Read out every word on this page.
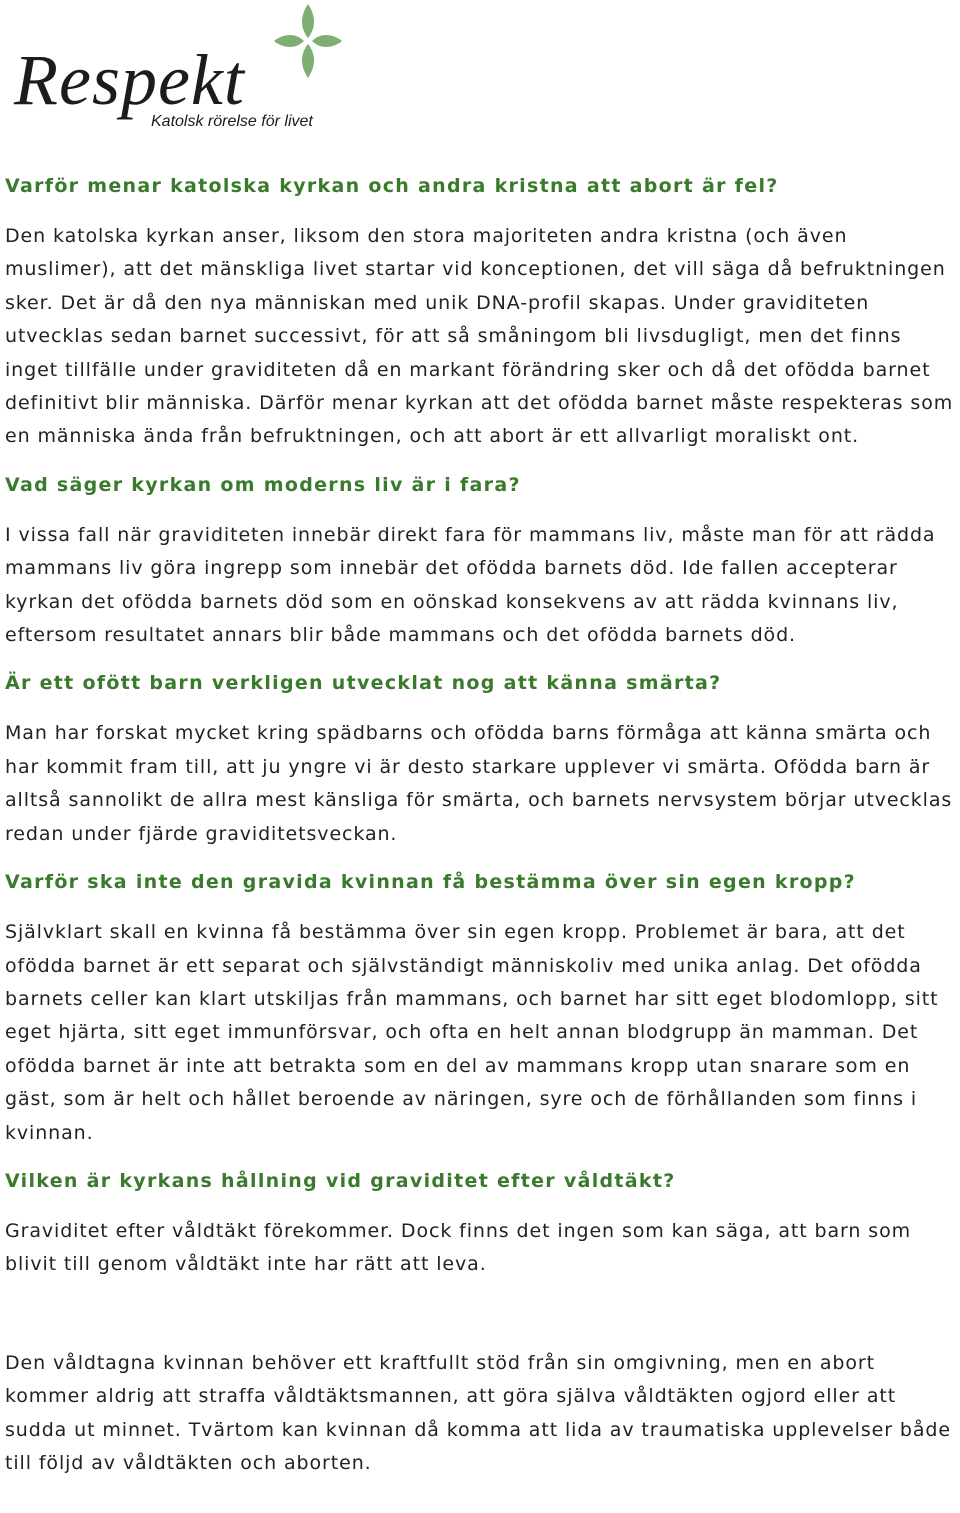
Respekt
Katolsk rörelse för livet
Varför menar katolska kyrkan och andra kristna att abort är fel?

Den katolska kyrkan anser, liksom den stora majoriteten andra kristna (och även muslimer), att det mänskliga livet startar vid konceptionen, det vill säga då befruktningen sker. Det är då den nya människan med unik DNA-profil skapas. Under graviditeten utvecklas sedan barnet successivt, för att så småningom bli livsdugligt, men det finns inget tillfälle under graviditeten då en markant förändring sker och då det ofödda barnet definitivt blir människa. Därför menar kyrkan att det ofödda barnet måste respekteras som en människa ända från befruktningen, och att abort är ett allvarligt moraliskt ont.

Vad säger kyrkan om moderns liv är i fara?

I vissa fall när graviditeten innebär direkt fara för mammans liv, måste man för att rädda mammans liv göra ingrepp som innebär det ofödda barnets död. Ide fallen accepterar kyrkan det ofödda barnets död som en oönskad konsekvens av att rädda kvinnans liv, eftersom resultatet annars blir både mammans och det ofödda barnets död.

Är ett ofött barn verkligen utvecklat nog att känna smärta?

Man har forskat mycket kring spädbarns och ofödda barns förmåga att känna smärta och har kommit fram till, att ju yngre vi är desto starkare upplever vi smärta. Ofödda barn är alltså sannolikt de allra mest känsliga för smärta, och barnets nervsystem börjar utvecklas redan under fjärde graviditetsveckan.

Varför ska inte den gravida kvinnan få bestämma över sin egen kropp?

Självklart skall en kvinna få bestämma över sin egen kropp. Problemet är bara, att det ofödda barnet är ett separat och självständigt människoliv med unika anlag. Det ofödda barnets celler kan klart utskiljas från mammans, och barnet har sitt eget blodomlopp, sitt eget hjärta, sitt eget immunförsvar, och ofta en helt annan blodgrupp än mamman. Det ofödda barnet är inte att betrakta som en del av mammans kropp utan snarare som en gäst, som är helt och hållet beroende av näringen, syre och de förhållanden som finns i kvinnan.

Vilken är kyrkans hållning vid graviditet efter våldtäkt?

Graviditet efter våldtäkt förekommer. Dock finns det ingen som kan säga, att barn som blivit till genom våldtäkt inte har rätt att leva.

Den våldtagna kvinnan behöver ett kraftfullt stöd från sin omgivning, men en abort kommer aldrig att straffa våldtäktsmannen, att göra själva våldtäkten ogjord eller att sudda ut minnet. Tvärtom kan kvinnan då komma att lida av traumatiska upplevelser både till följd av våldtäkten och aborten.
